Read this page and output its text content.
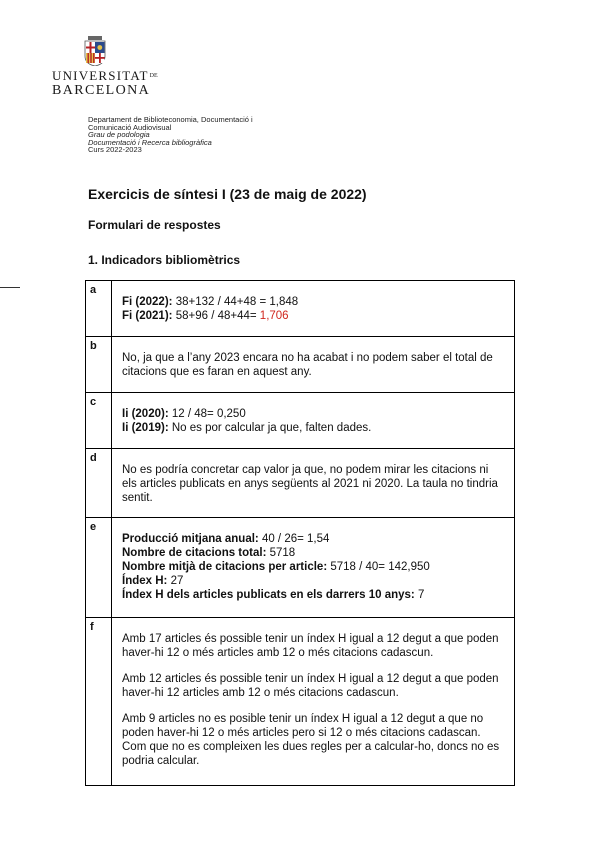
$UNIVERSITAT^{DE}$
BARCELONA
Departament de Biblioteconomia, Documentació i
Comunicació Audiovisual
Grau de podologia
Documentació i Recerca bibliogràfica
Curs 2022-2023
Exercicis de síntesi I (23 de maig de 2022)
Formulari de respostes
1. Indicadors bibliomètrics
a	Fi (2022): 38+132 / 44+48 = 1,848
Fi (2021): 58+96 / 48+44= 1,706

b	No, ja que a l’any 2023 encara no ha acabat i no podem saber el total de citacions que es faran en aquest any.

c	Ii (2020): 12 / 48= 0,250
Ii (2019): No es por calcular ja que, falten dades.

d	No es podría concretar cap valor ja que, no podem mirar les citacions ni els articles publicats en anys següents al 2021 ni 2020. La taula no tindria sentit.

e	Producció mitjana anual: 40 / 26= 1,54
Nombre de citacions total: 5718
Nombre mitjà de citacions per article: 5718 / 40= 142,950
Índex H: 27
Índex H dels articles publicats en els darrers 10 anys: 7

f	Amb 17 articles és possible tenir un índex H igual a 12 degut a que poden haver-hi 12 o més articles amb 12 o més citacions cadascun.

Amb 12 articles és possible tenir un índex H igual a 12 degut a que poden haver-hi 12 articles amb 12 o més citacions cadascun.

Amb 9 articles no es posible tenir un índex H igual a 12 degut a que no poden haver-hi 12 o més articles pero si 12 o més citacions cadascan. Com que no es compleixen les dues regles per a calcular-ho, doncs no es podria calcular.
